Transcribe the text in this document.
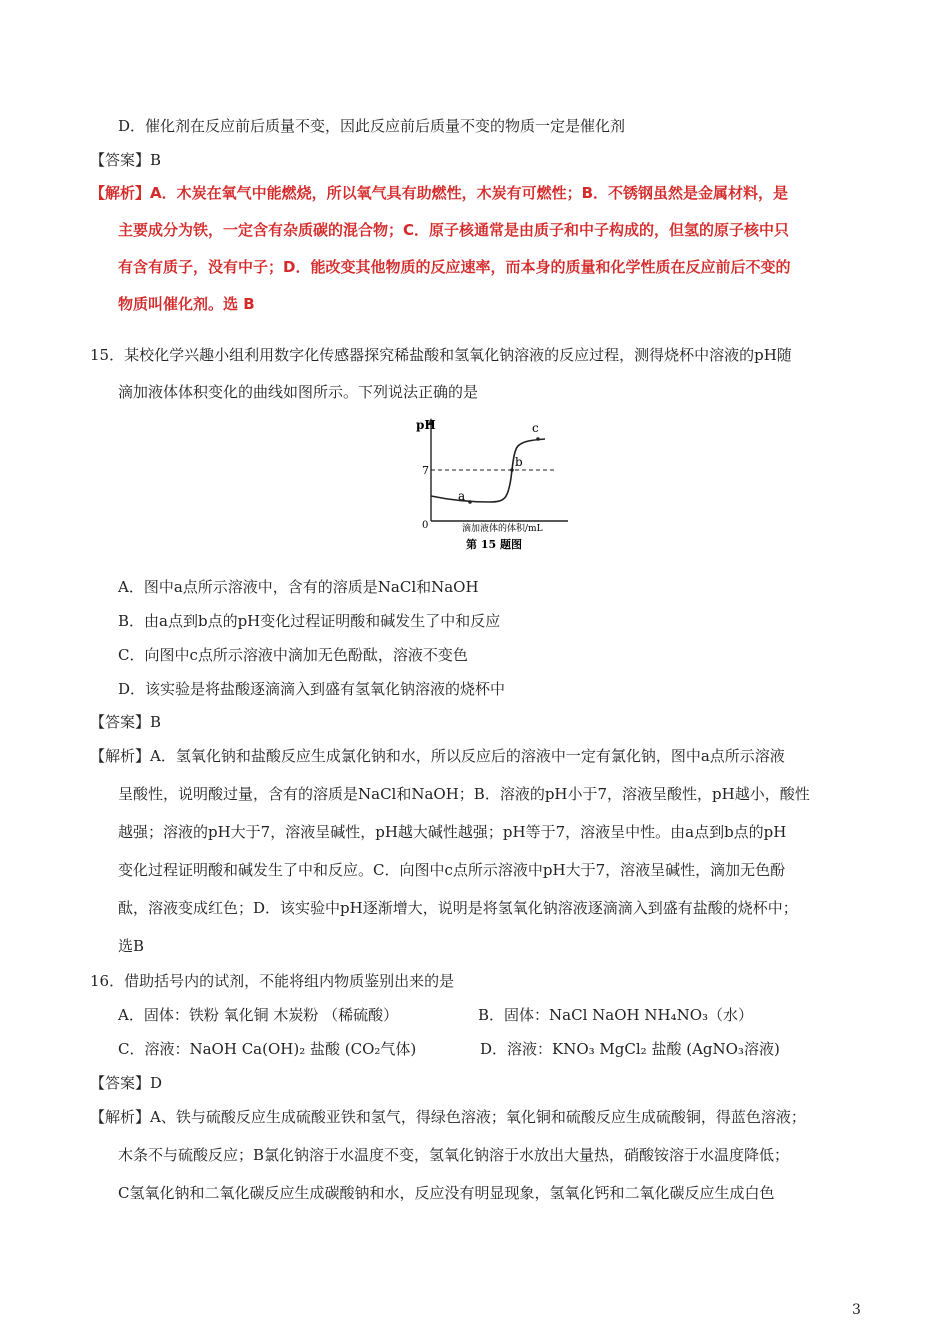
D．催化剂在反应前后质量不变，因此反应前后质量不变的物质一定是催化剂
【答案】B
【解析】A．木炭在氧气中能燃烧，所以氧气具有助燃性，木炭有可燃性；B．不锈钢虽然是金属材料，是
主要成分为铁，一定含有杂质碳的混合物；C．原子核通常是由质子和中子构成的，但氢的原子核中只
有含有质子，没有中子；D．能改变其他物质的反应速率，而本身的质量和化学性质在反应前后不变的
物质叫催化剂。选 B
15．某校化学兴趣小组利用数字化传感器探究稀盐酸和氢氧化钠溶液的反应过程，测得烧杯中溶液的pH随
滴加液体体积变化的曲线如图所示。下列说法正确的是
pH
7
0
a
b
c
滴加液体的体积/mL
第 15 题图
A．图中a点所示溶液中，含有的溶质是NaCl和NaOH
B．由a点到b点的pH变化过程证明酸和碱发生了中和反应
C．向图中c点所示溶液中滴加无色酚酞，溶液不变色
D．该实验是将盐酸逐滴滴入到盛有氢氧化钠溶液的烧杯中
【答案】B
【解析】A．氢氧化钠和盐酸反应生成氯化钠和水，所以反应后的溶液中一定有氯化钠，图中a点所示溶液
呈酸性，说明酸过量，含有的溶质是NaCl和NaOH；B．溶液的pH小于7，溶液呈酸性，pH越小，酸性
越强；溶液的pH大于7，溶液呈碱性，pH越大碱性越强；pH等于7，溶液呈中性。由a点到b点的pH
变化过程证明酸和碱发生了中和反应。C．向图中c点所示溶液中pH大于7，溶液呈碱性，滴加无色酚
酞，溶液变成红色；D．该实验中pH逐渐增大，说明是将氢氧化钠溶液逐滴滴入到盛有盐酸的烧杯中；
选B
16．借助括号内的试剂，不能将组内物质鉴别出来的是
A．固体：铁粉 氧化铜 木炭粉 （稀硫酸）	B．固体：NaCl NaOH NH₄NO₃（水）
C．溶液：NaOH Ca(OH)₂ 盐酸 (CO₂气体)	D．溶液：KNO₃ MgCl₂ 盐酸 (AgNO₃溶液)
【答案】D
【解析】A、铁与硫酸反应生成硫酸亚铁和氢气，得绿色溶液；氧化铜和硫酸反应生成硫酸铜，得蓝色溶液；
木条不与硫酸反应；B氯化钠溶于水温度不变，氢氧化钠溶于水放出大量热，硝酸铵溶于水温度降低；
C氢氧化钠和二氧化碳反应生成碳酸钠和水，反应没有明显现象，氢氧化钙和二氧化碳反应生成白色
3
